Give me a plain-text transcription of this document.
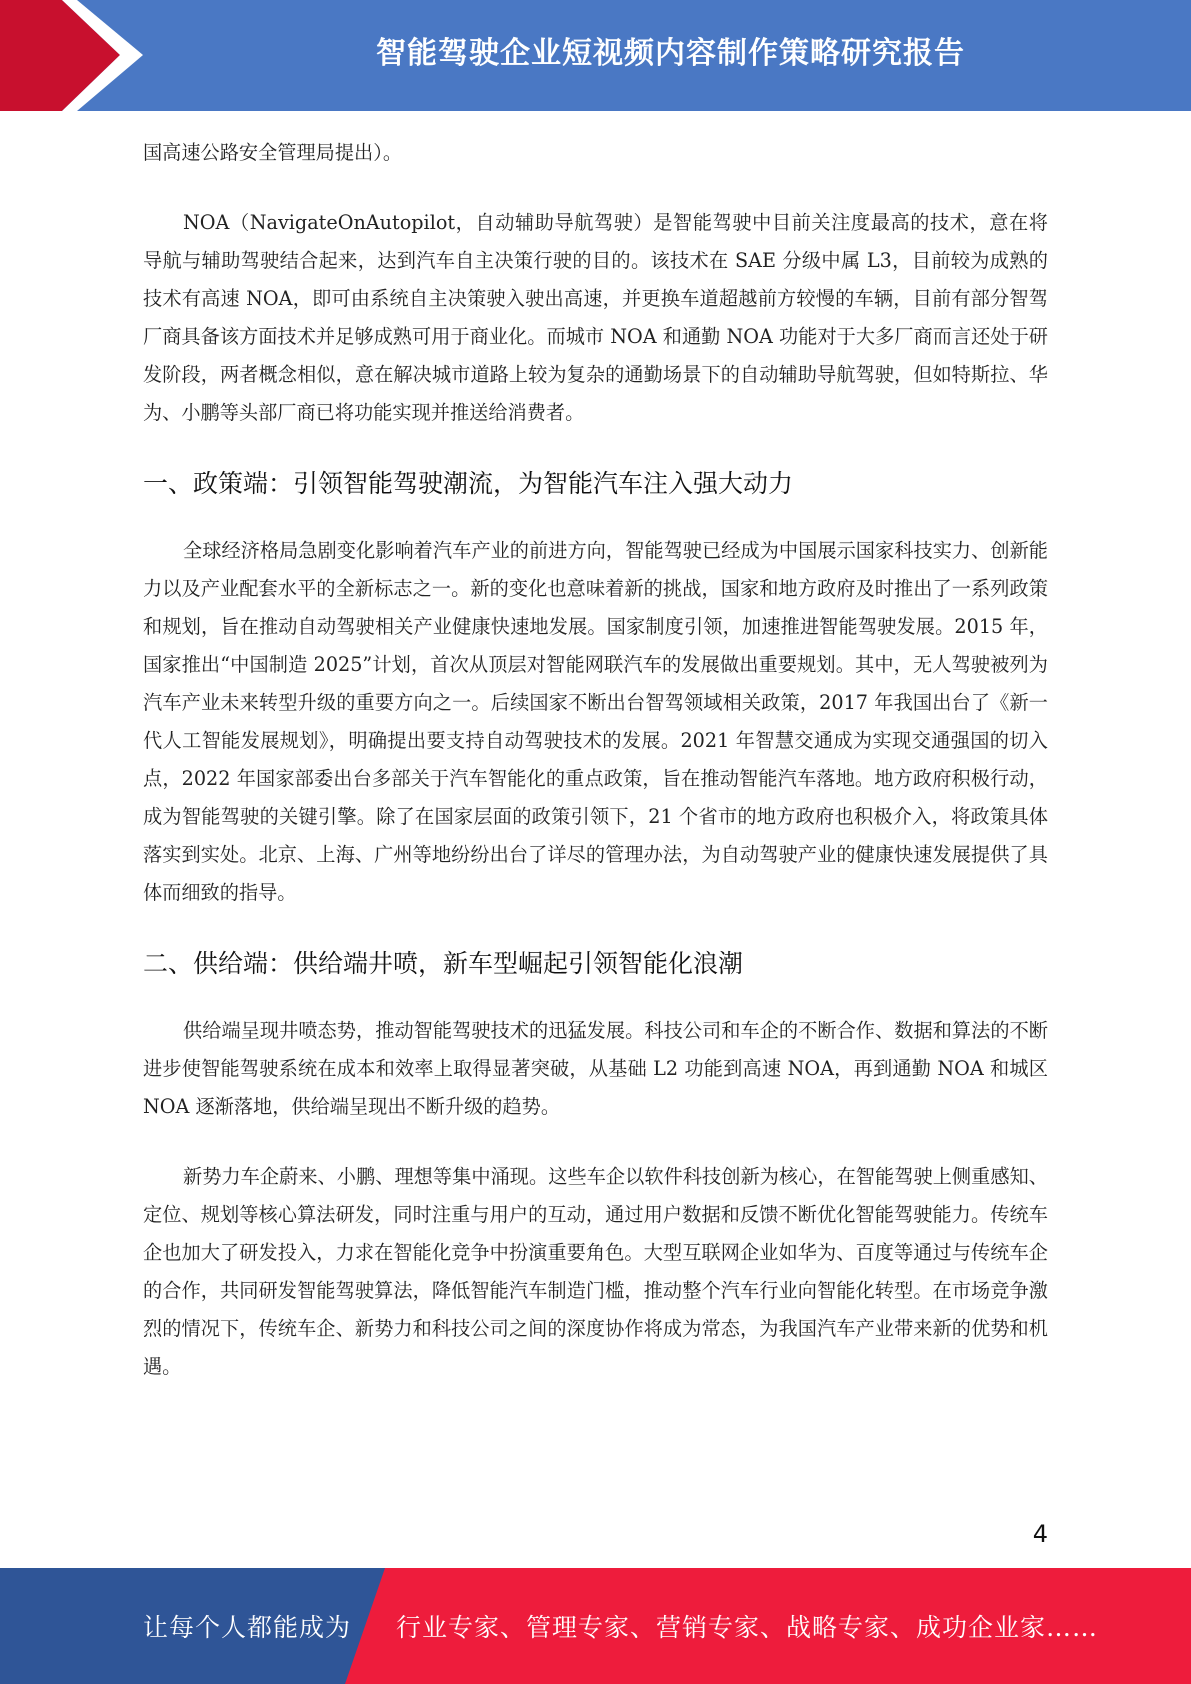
智能驾驶企业短视频内容制作策略研究报告

国高速公路安全管理局提出）。

NOA（NavigateOnAutopilot，自动辅助导航驾驶）是智能驾驶中目前关注度最高的技术，意在将导航与辅助驾驶结合起来，达到汽车自主决策行驶的目的。该技术在 SAE 分级中属 L3，目前较为成熟的技术有高速 NOA，即可由系统自主决策驶入驶出高速，并更换车道超越前方较慢的车辆，目前有部分智驾厂商具备该方面技术并足够成熟可用于商业化。而城市 NOA 和通勤 NOA 功能对于大多厂商而言还处于研发阶段，两者概念相似，意在解决城市道路上较为复杂的通勤场景下的自动辅助导航驾驶，但如特斯拉、华为、小鹏等头部厂商已将功能实现并推送给消费者。

一、政策端：引领智能驾驶潮流，为智能汽车注入强大动力

全球经济格局急剧变化影响着汽车产业的前进方向，智能驾驶已经成为中国展示国家科技实力、创新能力以及产业配套水平的全新标志之一。新的变化也意味着新的挑战，国家和地方政府及时推出了一系列政策和规划，旨在推动自动驾驶相关产业健康快速地发展。国家制度引领，加速推进智能驾驶发展。2015 年，国家推出“中国制造 2025”计划，首次从顶层对智能网联汽车的发展做出重要规划。其中，无人驾驶被列为汽车产业未来转型升级的重要方向之一。后续国家不断出台智驾领域相关政策，2017 年我国出台了《新一代人工智能发展规划》，明确提出要支持自动驾驶技术的发展。2021 年智慧交通成为实现交通强国的切入点，2022 年国家部委出台多部关于汽车智能化的重点政策，旨在推动智能汽车落地。地方政府积极行动，成为智能驾驶的关键引擎。除了在国家层面的政策引领下，21 个省市的地方政府也积极介入，将政策具体落实到实处。北京、上海、广州等地纷纷出台了详尽的管理办法，为自动驾驶产业的健康快速发展提供了具体而细致的指导。

二、供给端：供给端井喷，新车型崛起引领智能化浪潮

供给端呈现井喷态势，推动智能驾驶技术的迅猛发展。科技公司和车企的不断合作、数据和算法的不断进步使智能驾驶系统在成本和效率上取得显著突破，从基础 L2 功能到高速 NOA，再到通勤 NOA 和城区 NOA 逐渐落地，供给端呈现出不断升级的趋势。

新势力车企蔚来、小鹏、理想等集中涌现。这些车企以软件科技创新为核心，在智能驾驶上侧重感知、定位、规划等核心算法研发，同时注重与用户的互动，通过用户数据和反馈不断优化智能驾驶能力。传统车企也加大了研发投入，力求在智能化竞争中扮演重要角色。大型互联网企业如华为、百度等通过与传统车企的合作，共同研发智能驾驶算法，降低智能汽车制造门槛，推动整个汽车行业向智能化转型。在市场竞争激烈的情况下，传统车企、新势力和科技公司之间的深度协作将成为常态，为我国汽车产业带来新的优势和机遇。

4
让每个人都能成为 行业专家、管理专家、营销专家、战略专家、成功企业家……
